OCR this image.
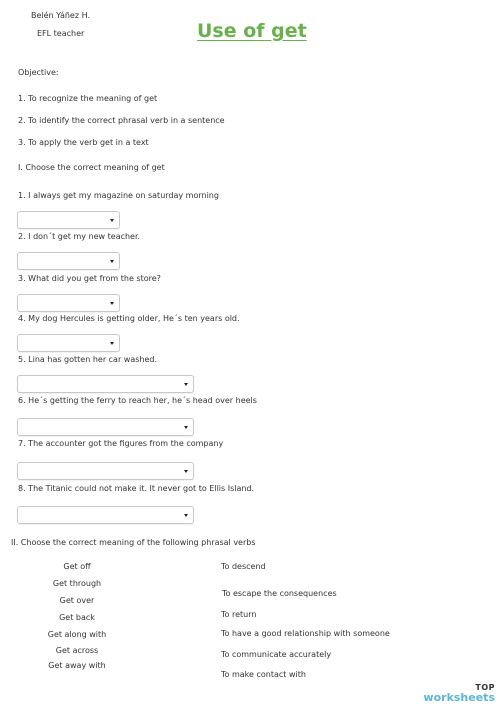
Belén Yáñez H.
EFL teacher	Use of get
Objective:
1. To recognize the meaning of get
2. To identify the correct phrasal verb in a sentence
3. To apply the verb get in a text
I. Choose the correct meaning of get
1. I always get my magazine on saturday morning
2. I don´t get my new teacher.
3. What did you get from the store?
4. My dog Hercules is getting older, He´s ten years old.
5. Lina has gotten her car washed.
6. He´s getting the ferry to reach her, he´s head over heels
7. The accounter got the figures from the company
8. The Titanic could not make it. It never got to Ellis Island.
II. Choose the correct meaning of the following phrasal verbs
Get off
Get through
Get over
Get back
Get along with
Get across
Get away with
To descend
To escape the consequences
To return
To have a good relationship with someone
To communicate accurately
To make contact with
TOP
worksheets
